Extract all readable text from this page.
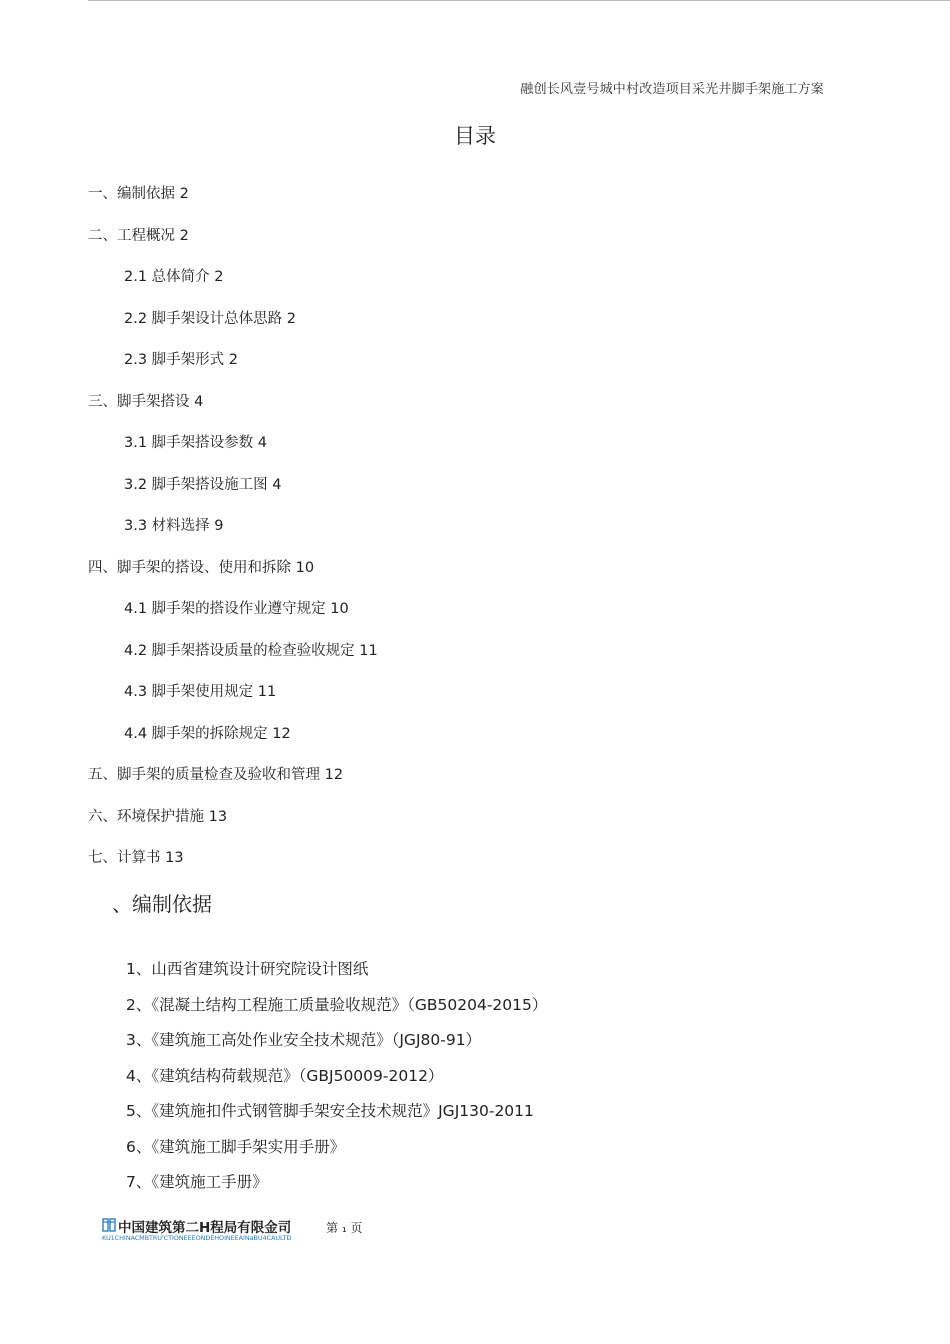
融创长风壹号城中村改造项目采光井脚手架施工方案
目录
一、编制依据 2
二、工程概况 2
2.1 总体简介 2
2.2 脚手架设计总体思路 2
2.3 脚手架形式 2
三、脚手架搭设 4
3.1 脚手架搭设参数 4
3.2 脚手架搭设施工图 4
3.3 材料选择 9
四、脚手架的搭设、使用和拆除 10
4.1 脚手架的搭设作业遵守规定 10
4.2 脚手架搭设质量的检查验收规定 11
4.3 脚手架使用规定 11
4.4 脚手架的拆除规定 12
五、脚手架的质量检查及验收和管理 12
六、环境保护措施 13
七、计算书 13
、编制依据
1、山西省建筑设计研究院设计图纸
2、《混凝土结构工程施工质量验收规范》（GB50204-2015）
3、《建筑施工高处作业安全技术规范》（JGJ80-91）
4、《建筑结构荷载规范》（GBJ50009-2012）
5、《建筑施扣件式钢管脚手架安全技术规范》JGJ130-2011
6、《建筑施工脚手架实用手册》
7、《建筑施工手册》
中国建筑第二H程局有限金司	第 ₁ 页
KU1CHINACMBTRU'CTIONEEEONDEHOINEEAINaBU4CAULTD
